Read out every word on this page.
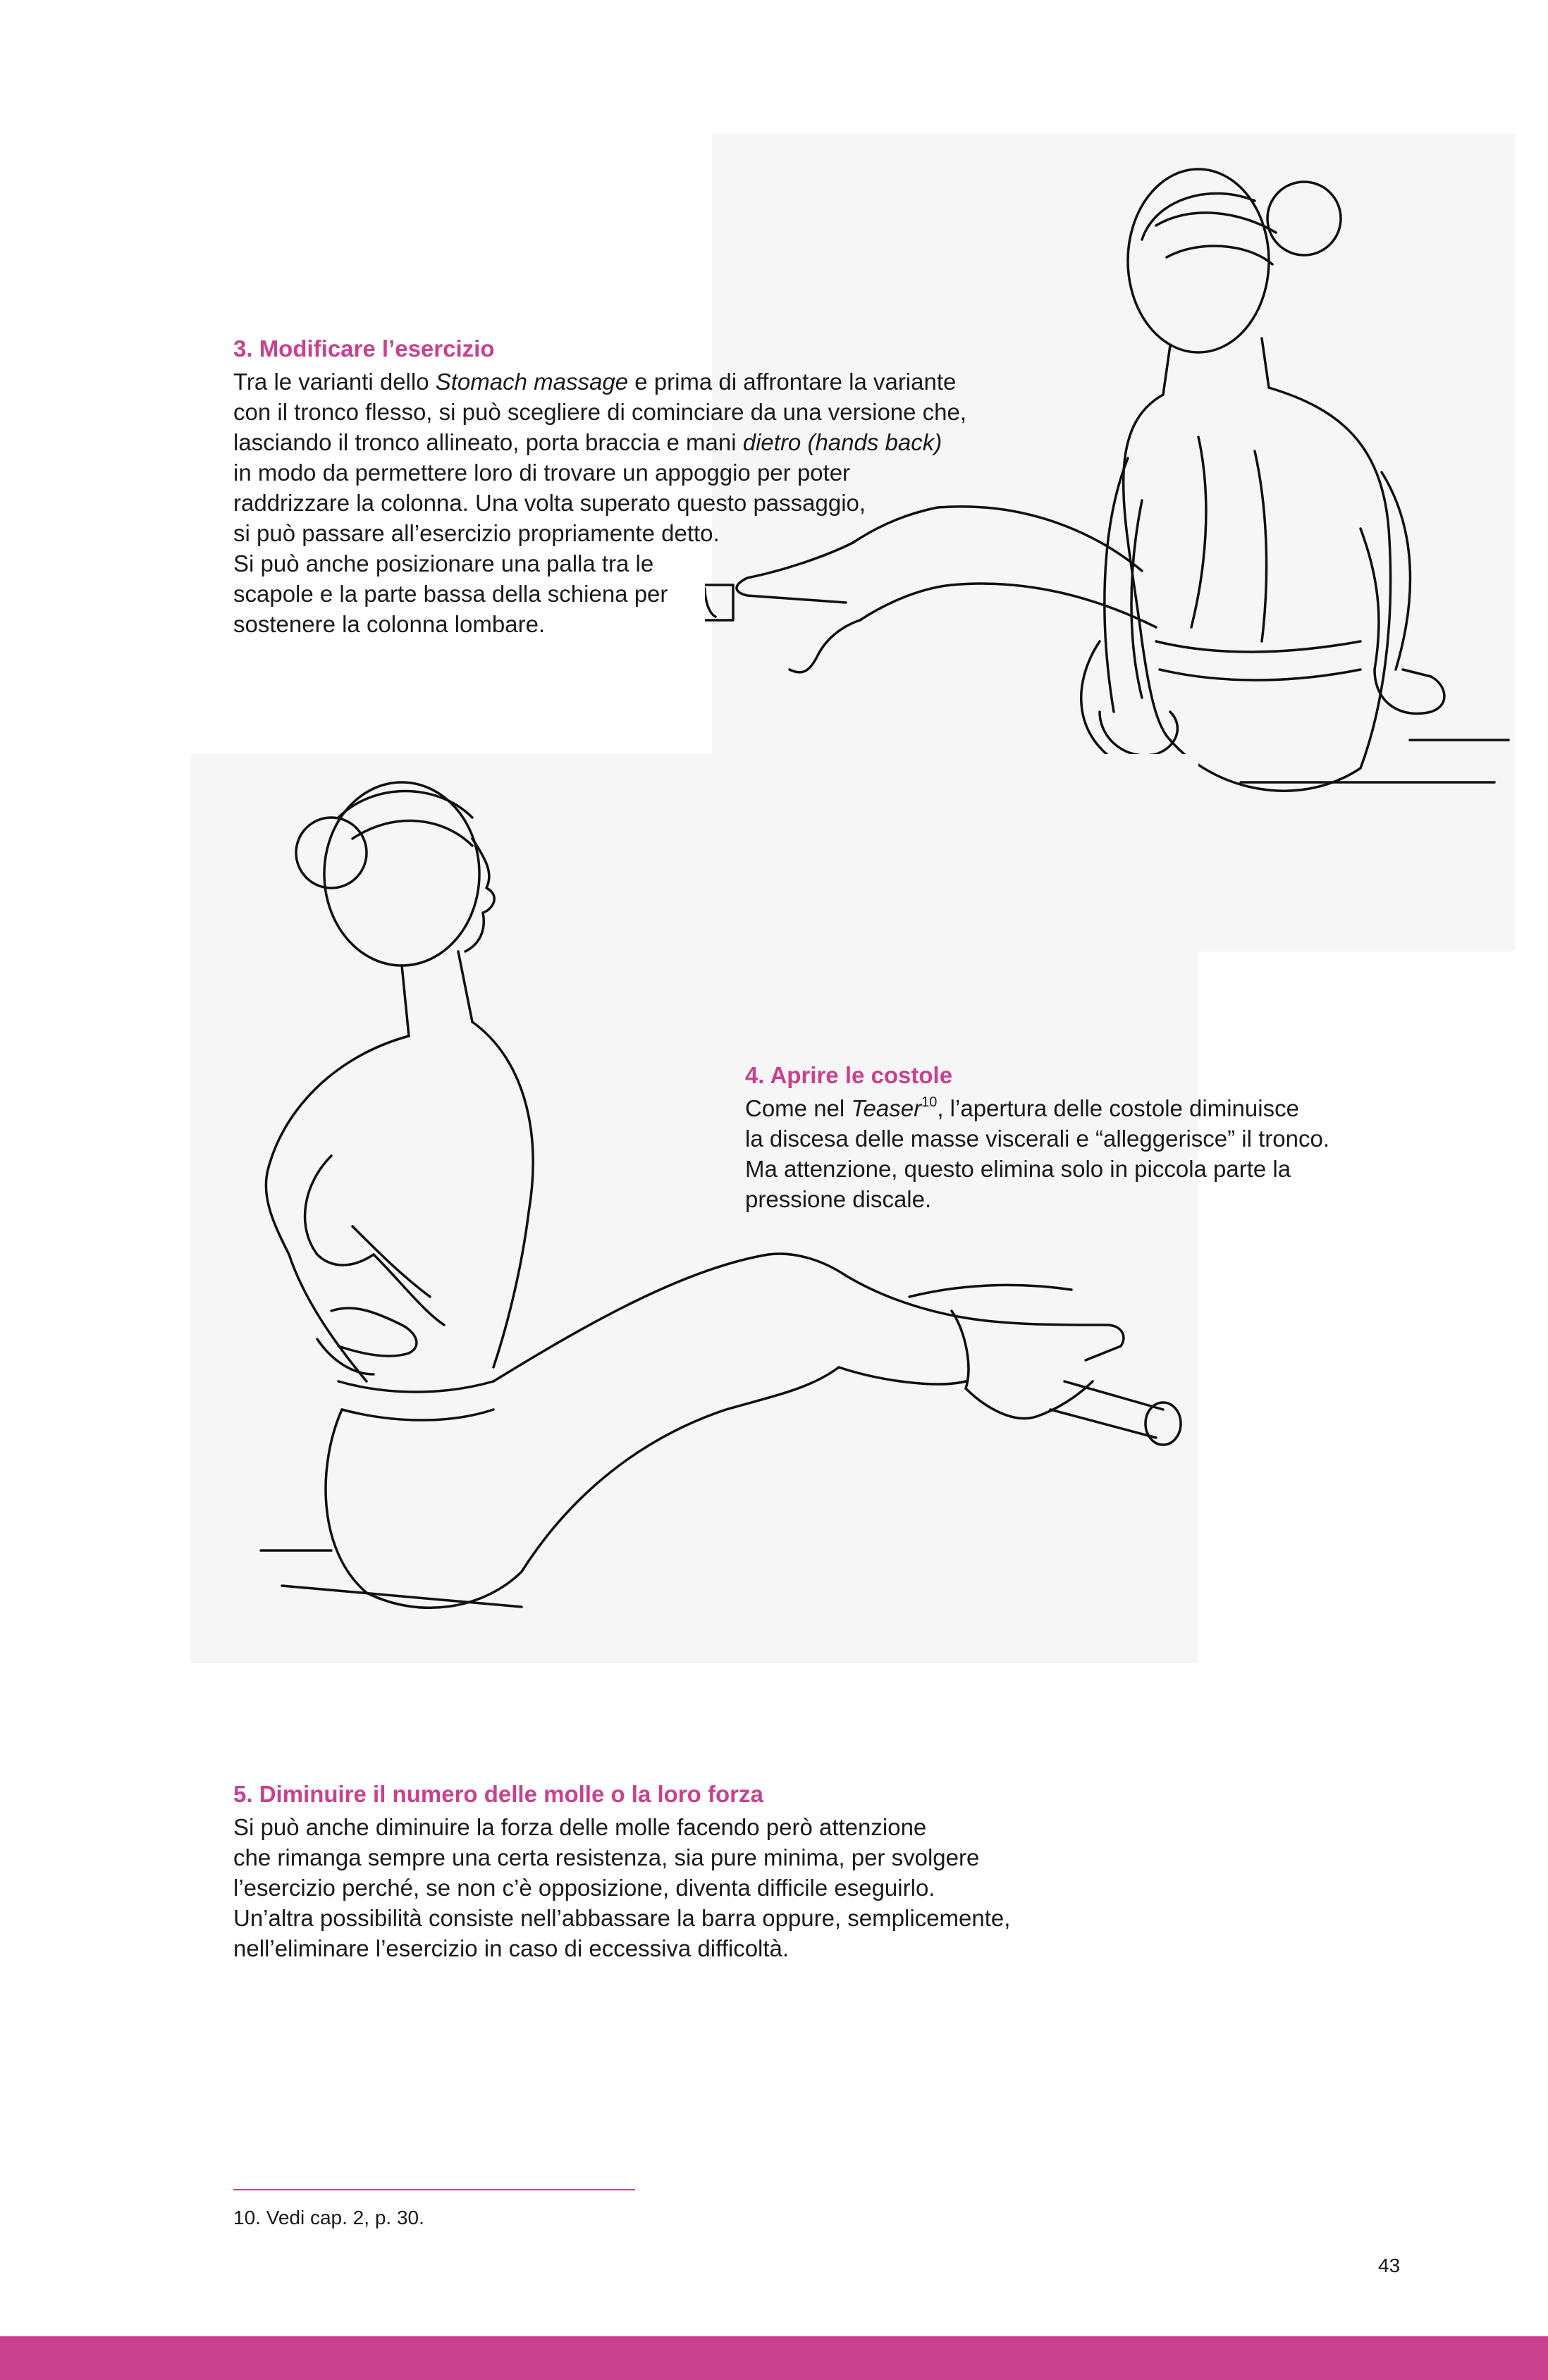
3. Modificare l’esercizio

Tra le varianti dello Stomach massage e prima di affrontare la variante

con il tronco flesso, si può scegliere di cominciare da una versione che,

lasciando il tronco allineato, porta braccia e mani dietro (hands back)

in modo da permettere loro di trovare un appoggio per poter

raddrizzare la colonna. Una volta superato questo passaggio,

si può passare all’esercizio propriamente detto.

Si può anche posizionare una palla tra le

scapole e la parte bassa della schiena per

sostenere la colonna lombare.

4. Aprire le costole

Come nel Teaser$^{10}$, l’apertura delle costole diminuisce

la discesa delle masse viscerali e “alleggerisce” il tronco.

Ma attenzione, questo elimina solo in piccola parte la

pressione discale.

5. Diminuire il numero delle molle o la loro forza

Si può anche diminuire la forza delle molle facendo però attenzione

che rimanga sempre una certa resistenza, sia pure minima, per svolgere

l’esercizio perché, se non c’è opposizione, diventa difficile eseguirlo.

Un’altra possibilità consiste nell’abbassare la barra oppure, semplicemente,

nell’eliminare l’esercizio in caso di eccessiva difficoltà.

10. Vedi cap. 2, p. 30.
43
